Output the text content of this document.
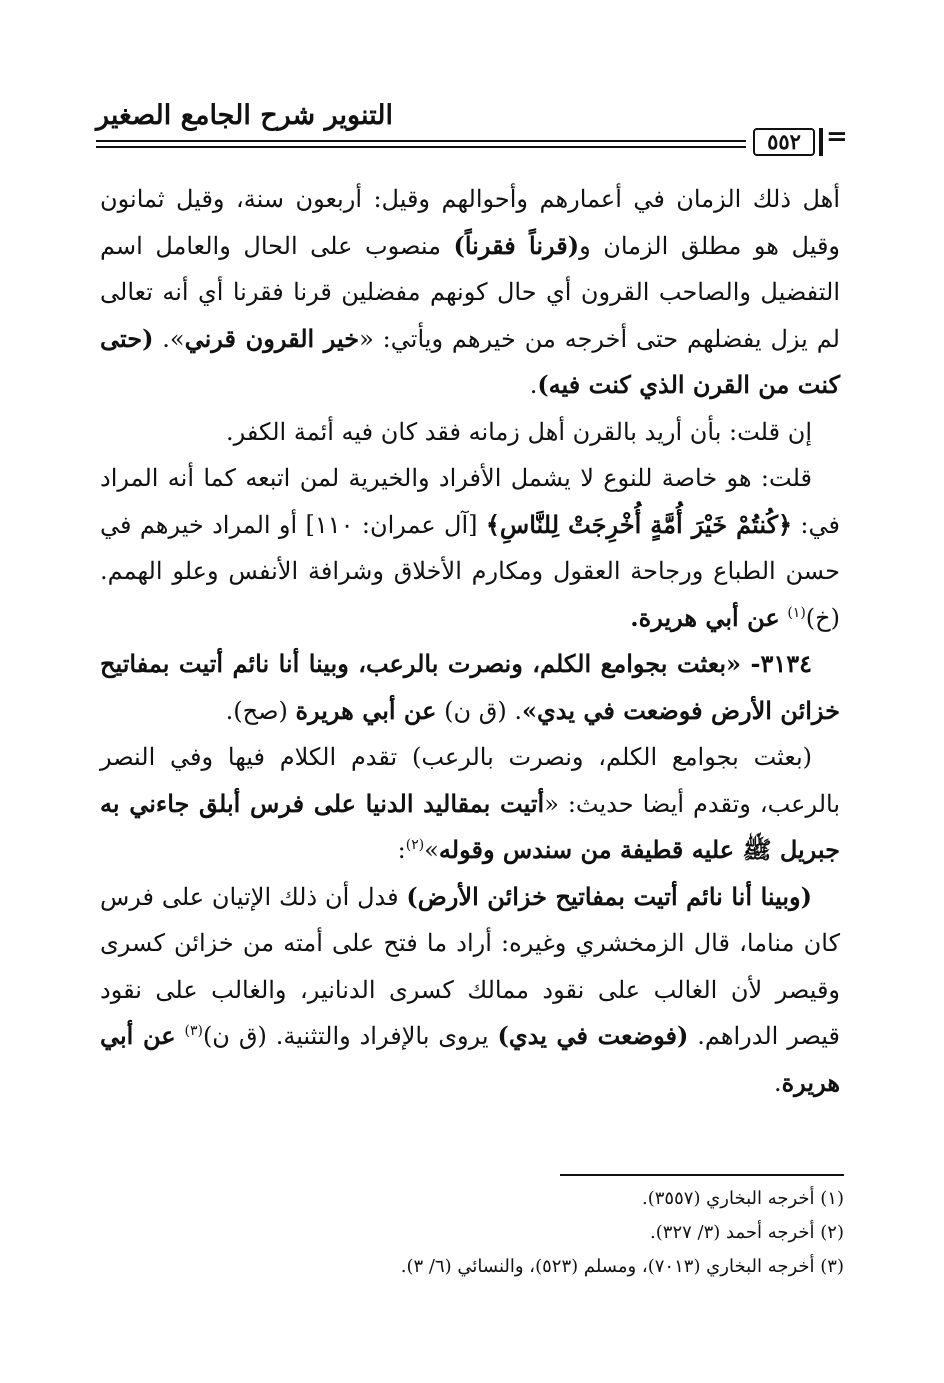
التنوير شرح الجامع الصغير
٥٥٢ =

أهل ذلك الزمان في أعمارهم وأحوالهم وقيل: أربعون سنة، وقيل ثمانون وقيل هو مطلق الزمان و(قرناً فقرناً) منصوب على الحال والعامل اسم التفضيل والصاحب القرون أي حال كونهم مفضلين قرنا فقرنا أي أنه تعالى لم يزل يفضلهم حتى أخرجه من خيرهم ويأتي: «خير القرون قرني». (حتى كنت من القرن الذي كنت فيه).

إن قلت: بأن أريد بالقرن أهل زمانه فقد كان فيه أئمة الكفر.

قلت: هو خاصة للنوع لا يشمل الأفراد والخيرية لمن اتبعه كما أنه المراد في: ﴿كُنتُمْ خَيْرَ أُمَّةٍ أُخْرِجَتْ لِلنَّاسِ﴾ [آل عمران: ١١٠] أو المراد خيرهم في حسن الطباع ورجاحة العقول ومكارم الأخلاق وشرافة الأنفس وعلو الهمم. (خ)$^{(١)}$ عن أبي هريرة.

٣١٣٤- «بعثت بجوامع الكلم، ونصرت بالرعب، وبينا أنا نائم أتيت بمفاتيح خزائن الأرض فوضعت في يدي». (ق ن) عن أبي هريرة (صح).

(بعثت بجوامع الكلم، ونصرت بالرعب) تقدم الكلام فيها وفي النصر بالرعب، وتقدم أيضا حديث: «أتيت بمقاليد الدنيا على فرس أبلق جاءني به جبريل ﷺ عليه قطيفة من سندس وقوله»$^{(٢)}$:

(وبينا أنا نائم أتيت بمفاتيح خزائن الأرض) فدل أن ذلك الإتيان على فرس كان مناما، قال الزمخشري وغيره: أراد ما فتح على أمته من خزائن كسرى وقيصر لأن الغالب على نقود ممالك كسرى الدنانير، والغالب على نقود قيصر الدراهم. (فوضعت في يدي) يروى بالإفراد والتثنية. (ق ن)$^{(٣)}$ عن أبي هريرة.

(١) أخرجه البخاري (٣٥٥٧).

(٢) أخرجه أحمد (٣/ ٣٢٧).

(٣) أخرجه البخاري (٧٠١٣)، ومسلم (٥٢٣)، والنسائي (٦/ ٣).
